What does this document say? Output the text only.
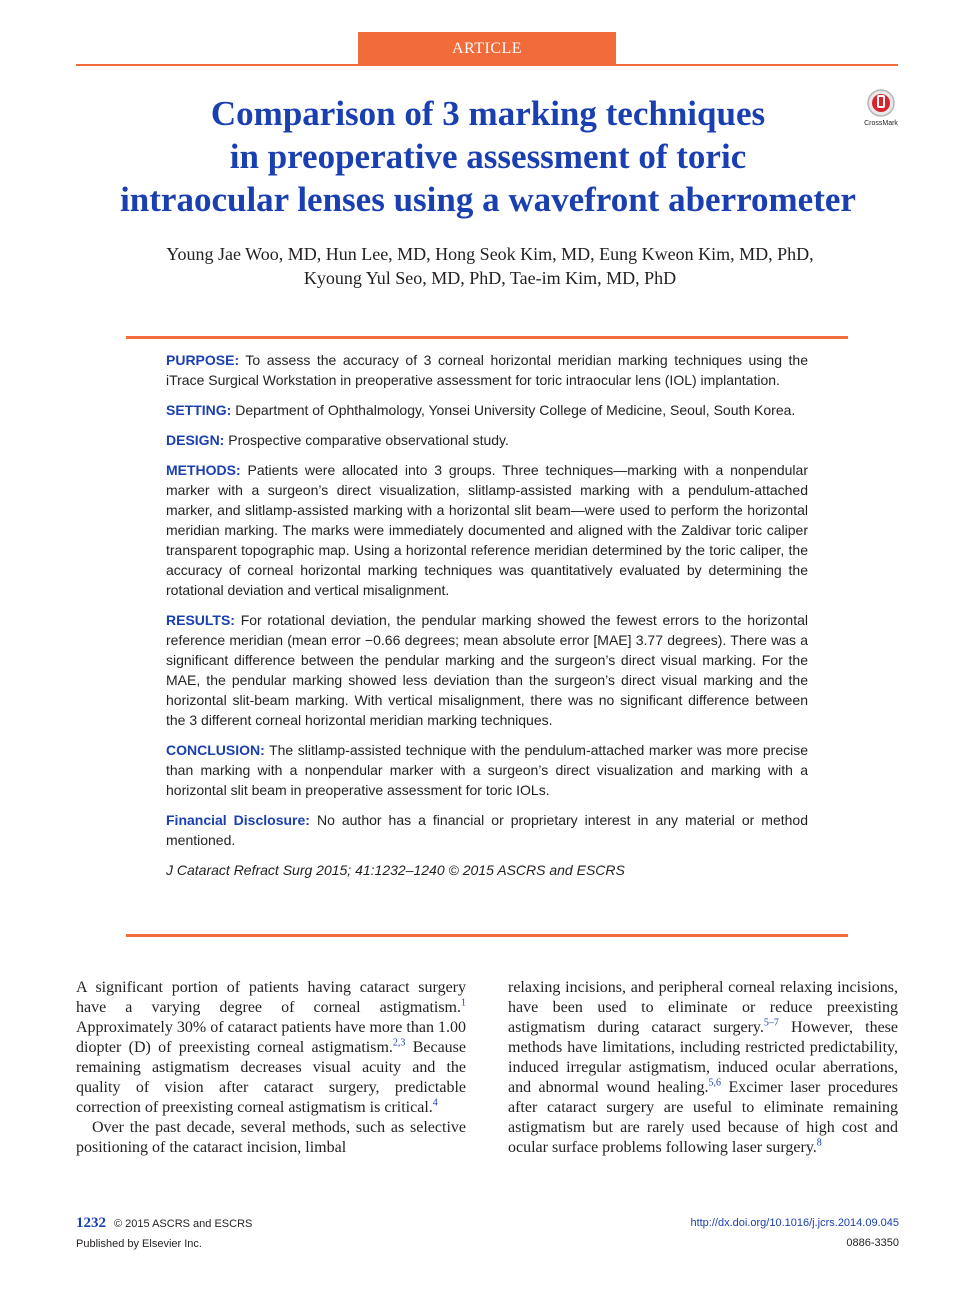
ARTICLE
CrossMark
Comparison of 3 marking techniques
in preoperative assessment of toric
intraocular lenses using a wavefront aberrometer
Young Jae Woo, MD, Hun Lee, MD, Hong Seok Kim, MD, Eung Kweon Kim, MD, PhD,
Kyoung Yul Seo, MD, PhD, Tae-im Kim, MD, PhD

PURPOSE: To assess the accuracy of 3 corneal horizontal meridian marking techniques using the iTrace Surgical Workstation in preoperative assessment for toric intraocular lens (IOL) implantation.

SETTING: Department of Ophthalmology, Yonsei University College of Medicine, Seoul, South Korea.

DESIGN: Prospective comparative observational study.

METHODS: Patients were allocated into 3 groups. Three techniques—marking with a nonpendular marker with a surgeon’s direct visualization, slitlamp-assisted marking with a pendulum-attached marker, and slitlamp-assisted marking with a horizontal slit beam—were used to perform the horizontal meridian marking. The marks were immediately documented and aligned with the Zaldivar toric caliper transparent topographic map. Using a horizontal reference meridian determined by the toric caliper, the accuracy of corneal horizontal marking techniques was quantitatively evaluated by determining the rotational deviation and vertical misalignment.

RESULTS: For rotational deviation, the pendular marking showed the fewest errors to the horizontal reference meridian (mean error −0.66 degrees; mean absolute error [MAE] 3.77 degrees). There was a significant difference between the pendular marking and the surgeon’s direct visual marking. For the MAE, the pendular marking showed less deviation than the surgeon’s direct visual marking and the horizontal slit-beam marking. With vertical misalignment, there was no significant difference between the 3 different corneal horizontal meridian marking techniques.

CONCLUSION: The slitlamp-assisted technique with the pendulum-attached marker was more precise than marking with a nonpendular marker with a surgeon’s direct visualization and marking with a horizontal slit beam in preoperative assessment for toric IOLs.

Financial Disclosure: No author has a financial or proprietary interest in any material or method mentioned.

J Cataract Refract Surg 2015; 41:1232–1240 © 2015 ASCRS and ESCRS

A significant portion of patients having cataract surgery have a varying degree of corneal astigmatism.$^1$ Approximately 30% of cataract patients have more than 1.00 diopter (D) of preexisting corneal astigmatism.$^{2,3}$ Because remaining astigmatism decreases visual acuity and the quality of vision after cataract surgery, predictable correction of preexisting corneal astigmatism is critical.$^4$

Over the past decade, several methods, such as selective positioning of the cataract incision, limbal

relaxing incisions, and peripheral corneal relaxing incisions, have been used to eliminate or reduce preexisting astigmatism during cataract surgery.$^{5-7}$ However, these methods have limitations, including restricted predictability, induced irregular astigmatism, induced ocular aberrations, and abnormal wound healing.$^{5,6}$ Excimer laser procedures after cataract surgery are useful to eliminate remaining astigmatism but are rarely used because of high cost and ocular surface problems following laser surgery.$^8$

1232 © 2015 ASCRS and ESCRS
Published by Elsevier Inc.
http://dx.doi.org/10.1016/j.jcrs.2014.09.045
0886-3350
